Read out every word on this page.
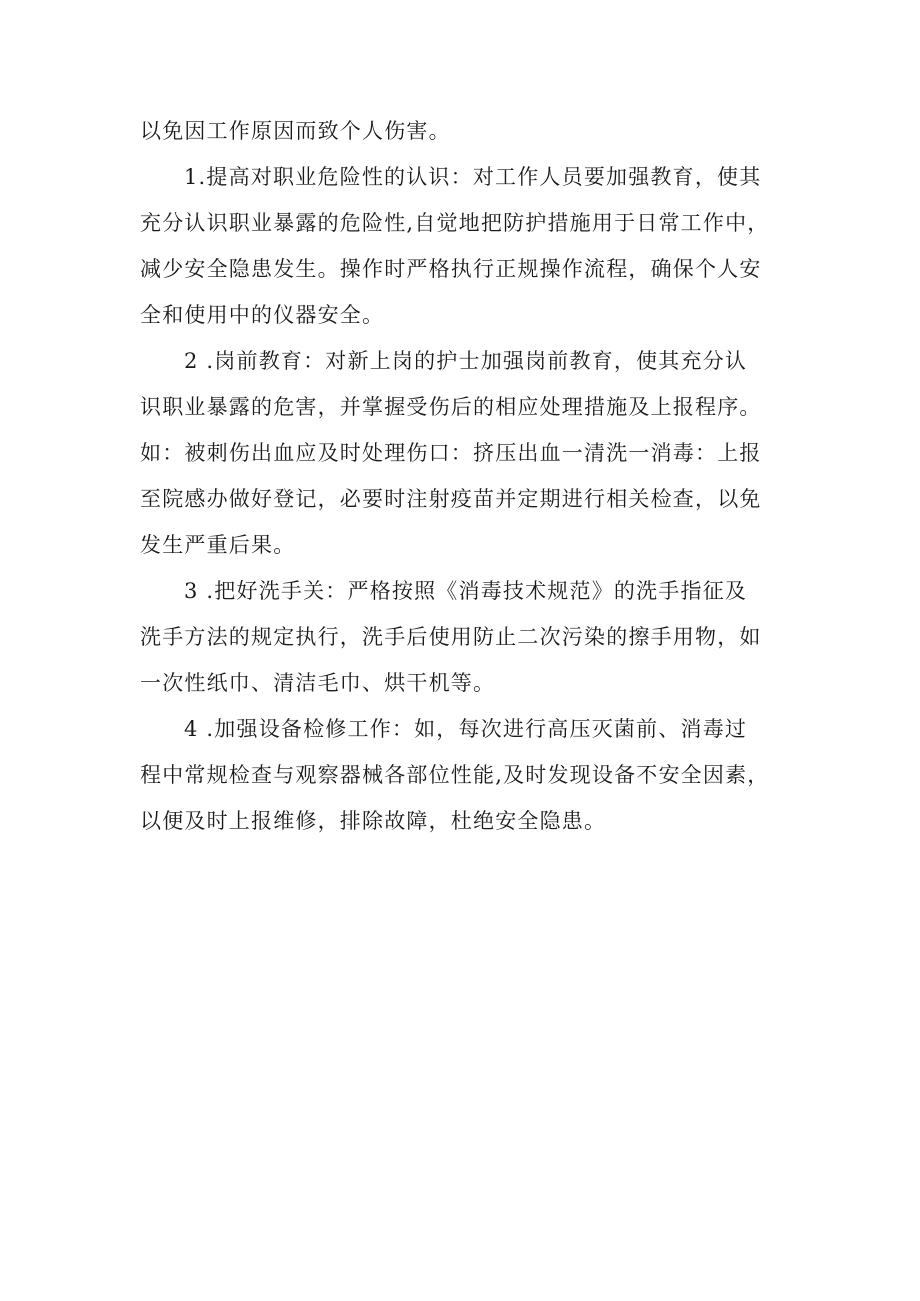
以免因工作原因而致个人伤害。
1.提高对职业危险性的认识：对工作人员要加强教育，使其
充分认识职业暴露的危险性,自觉地把防护措施用于日常工作中，
减少安全隐患发生。操作时严格执行正规操作流程，确保个人安
全和使用中的仪器安全。
2 .岗前教育：对新上岗的护士加强岗前教育，使其充分认
识职业暴露的危害，并掌握受伤后的相应处理措施及上报程序。
如：被刺伤出血应及时处理伤口：挤压出血一清洗一消毒：上报
至院感办做好登记，必要时注射疫苗并定期进行相关检查，以免
发生严重后果。
3 .把好洗手关：严格按照《消毒技术规范》的洗手指征及
洗手方法的规定执行，洗手后使用防止二次污染的擦手用物，如
一次性纸巾、清洁毛巾、烘干机等。
4 .加强设备检修工作：如，每次进行高压灭菌前、消毒过
程中常规检查与观察器械各部位性能,及时发现设备不安全因素，
以便及时上报维修，排除故障，杜绝安全隐患。
